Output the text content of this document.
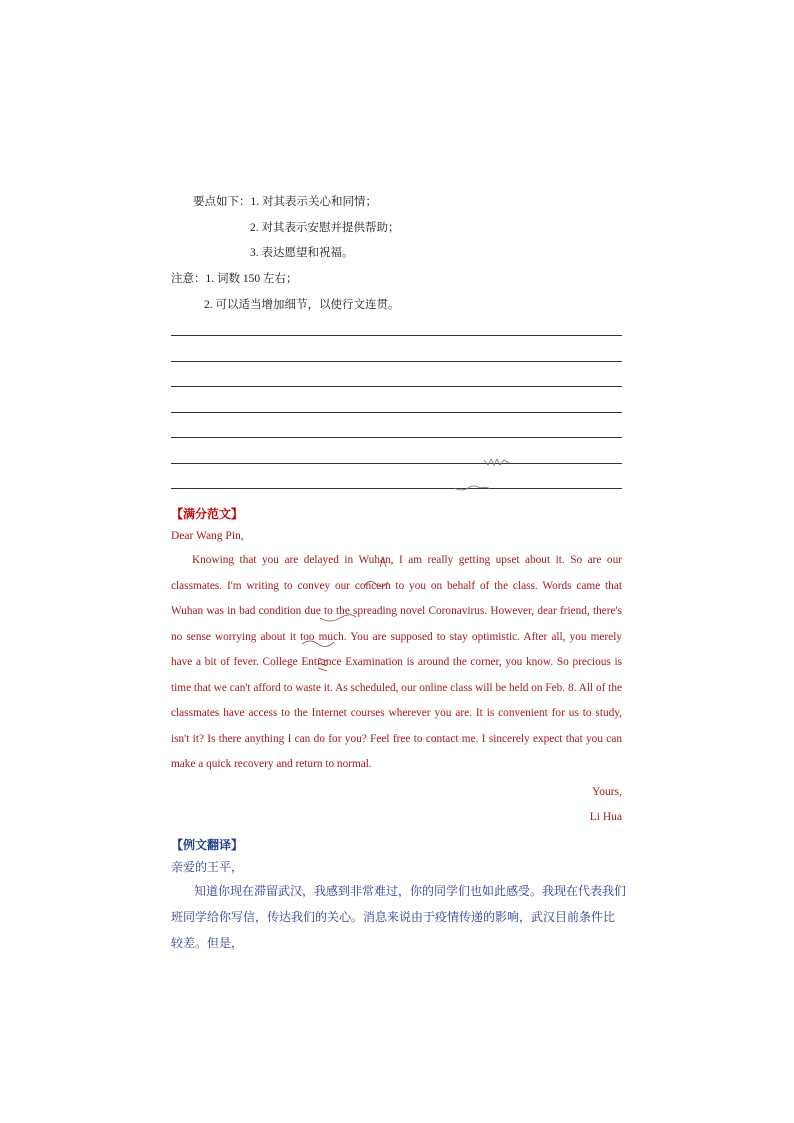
要点如下：1. 对其表示关心和同情；
2. 对其表示安慰并提供帮助；
3. 表达愿望和祝福。
注意：1. 词数 150 左右；
2. 可以适当增加细节，以使行文连贯。
【满分范文】
Dear Wang Pin,

Knowing that you are delayed in Wuhan, I am really getting upset about it. So are our classmates. I'm writing to convey our concern to you on behalf of the class. Words came that Wuhan was in bad condition due to the spreading novel Coronavirus. However, dear friend, there's no sense worrying about it too much. You are supposed to stay optimistic. After all, you merely have a bit of fever. College Entrance Examination is around the corner, you know. So precious is time that we can't afford to waste it. As scheduled, our online class will be held on Feb. 8. All of the classmates have access to the Internet courses wherever you are. It is convenient for us to study, isn't it? Is there anything I can do for you? Feel free to contact me. I sincerely expect that you can make a quick recovery and return to normal.

Yours,
Li Hua
【例文翻译】
亲爱的王平，

知道你现在滞留武汉，我感到非常难过，你的同学们也如此感受。我现在代表我们班同学给你写信，传达我们的关心。消息来说由于疫情传递的影响，武汉目前条件比较差。但是，
